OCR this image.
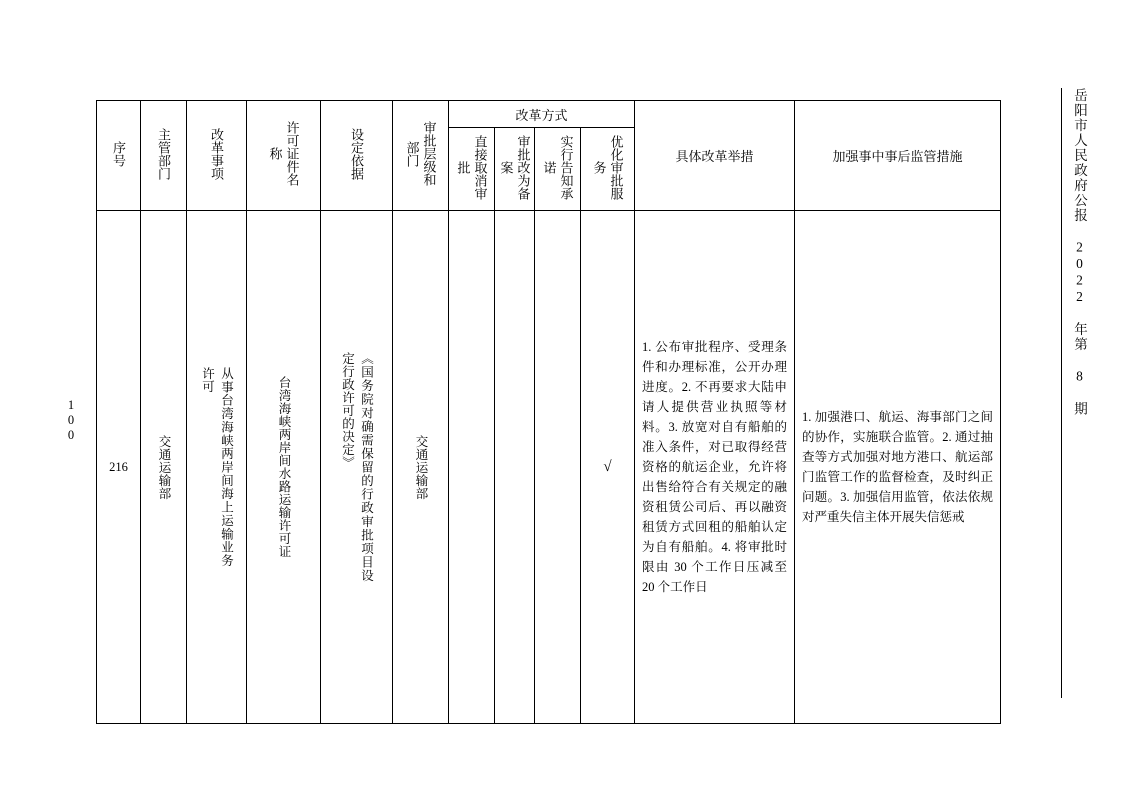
岳阳市人民政府公报 2022 年第 8 期
100
序号	主管部门	改革事项	许可证件名称	设定依据	审批层级和部门	改革方式				具体改革举措	加强事中事后监管措施
						直接取消审批	审批改为备案	实行告知承诺	优化审批服务		
216	交通运输部	从事台湾海峡两岸间海上运输业务许可	台湾海峡两岸间水路运输许可证	《国务院对确需保留的行政审批项目设定行政许可的决定》	交通运输部				√	1. 公布审批程序、受理条件和办理标准，公开办理进度。2. 不再要求大陆申请人提供营业执照等材料。3. 放宽对自有船舶的准入条件，对已取得经营资格的航运企业，允许将出售给符合有关规定的融资租赁公司后、再以融资租赁方式回租的船舶认定为自有船舶。4. 将审批时限由 30 个工作日压减至 20 个工作日	1. 加强港口、航运、海事部门之间的协作，实施联合监管。2. 通过抽查等方式加强对地方港口、航运部门监管工作的监督检查，及时纠正问题。3. 加强信用监管，依法依规对严重失信主体开展失信惩戒
